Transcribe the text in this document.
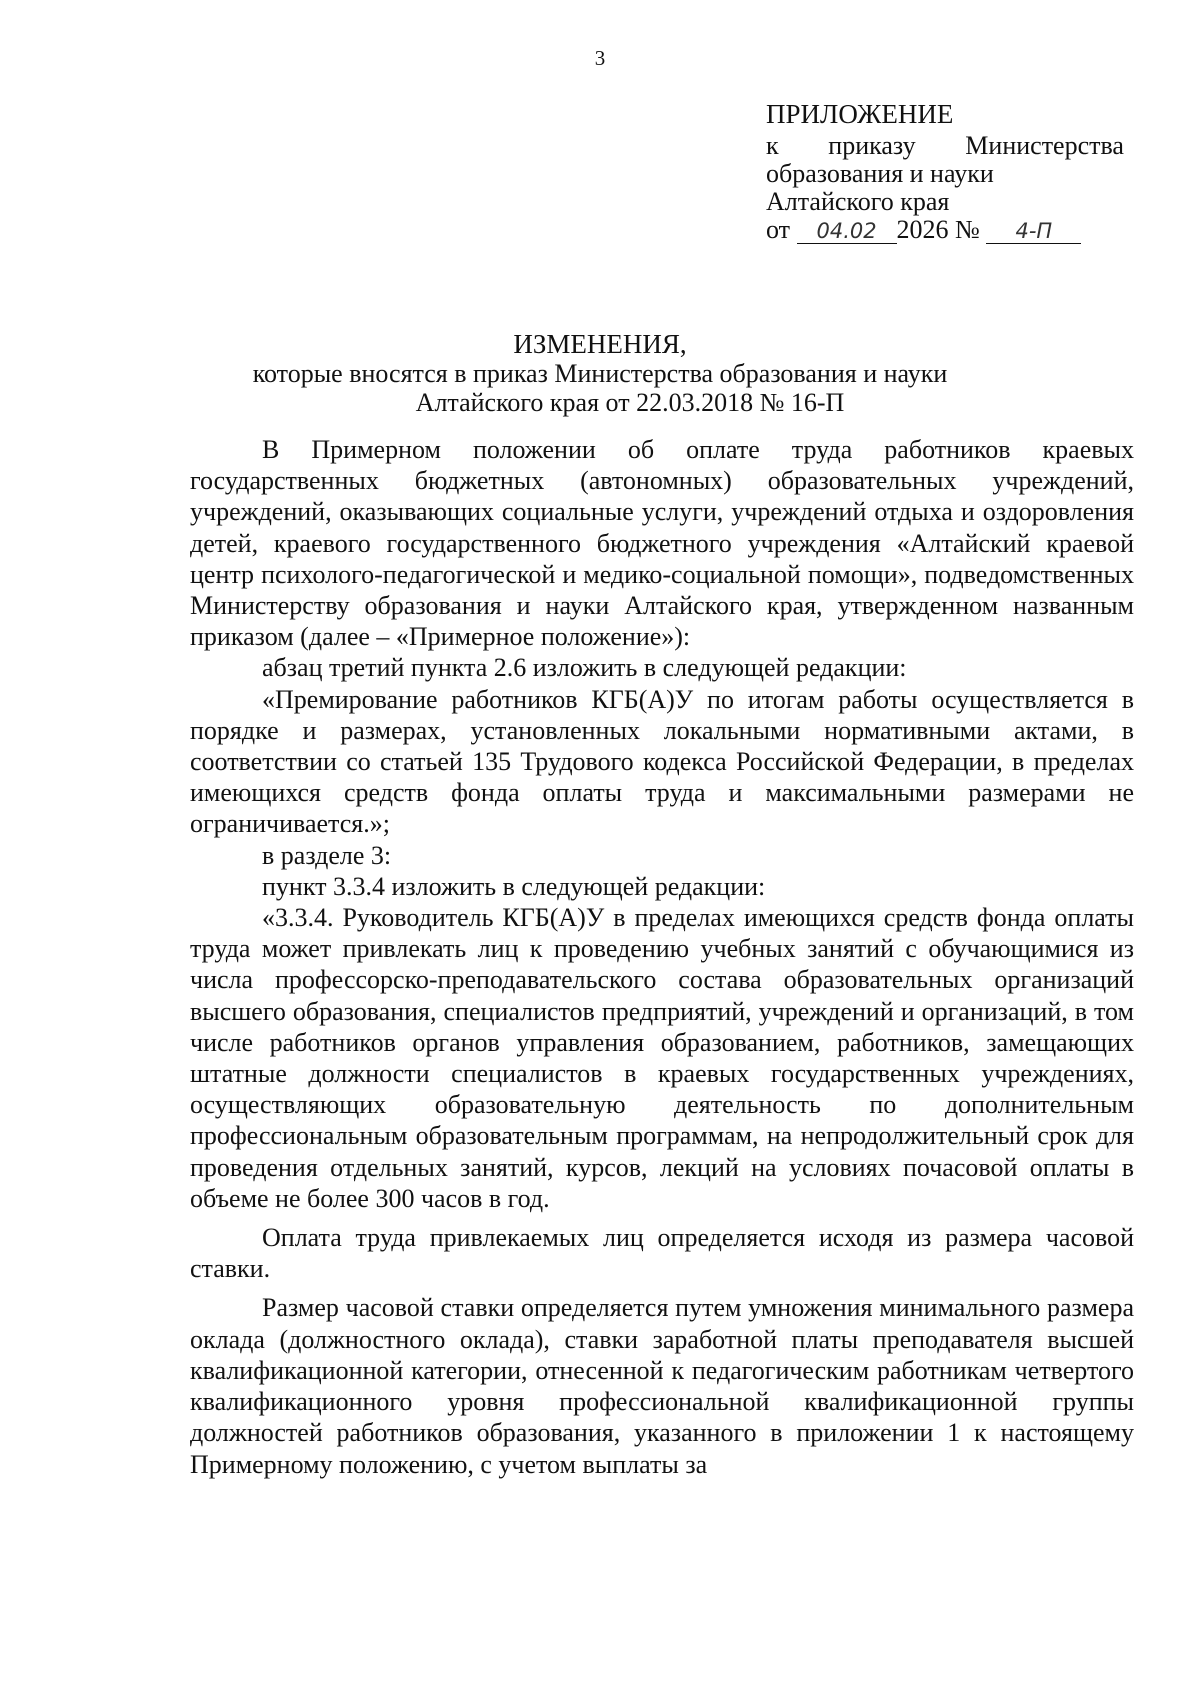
3
ПРИЛОЖЕНИЕ
к приказу Министерства
образования и науки
Алтайского края
от 04.02 2026 № 4-П
ИЗМЕНЕНИЯ,
которые вносятся в приказ Министерства образования и науки
Алтайского края от 22.03.2018 № 16-П

В Примерном положении об оплате труда работников краевых государственных бюджетных (автономных) образовательных учреждений, учреждений, оказывающих социальные услуги, учреждений отдыха и оздоровления детей, краевого государственного бюджетного учреждения «Алтайский краевой центр психолого-педагогической и медико-социальной помощи», подведомственных Министерству образования и науки Алтайского края, утвержденном названным приказом (далее – «Примерное положение»):

абзац третий пункта 2.6 изложить в следующей редакции:

«Премирование работников КГБ(А)У по итогам работы осуществляется в порядке и размерах, установленных локальными нормативными актами, в соответствии со статьей 135 Трудового кодекса Российской Федерации, в пределах имеющихся средств фонда оплаты труда и максимальными размерами не ограничивается.»;

в разделе 3:

пункт 3.3.4 изложить в следующей редакции:

«3.3.4. Руководитель КГБ(А)У в пределах имеющихся средств фонда оплаты труда может привлекать лиц к проведению учебных занятий с обучающимися из числа профессорско-преподавательского состава образовательных организаций высшего образования, специалистов предприятий, учреждений и организаций, в том числе работников органов управления образованием, работников, замещающих штатные должности специалистов в краевых государственных учреждениях, осуществляющих образовательную деятельность по дополнительным профессиональным образовательным программам, на непродолжительный срок для проведения отдельных занятий, курсов, лекций на условиях почасовой оплаты в объеме не более 300 часов в год.

Оплата труда привлекаемых лиц определяется исходя из размера часовой ставки.

Размер часовой ставки определяется путем умножения минимального размера оклада (должностного оклада), ставки заработной платы преподавателя высшей квалификационной категории, отнесенной к педагогическим работникам четвертого квалификационного уровня профессиональной квалификационной группы должностей работников образования, указанного в приложении 1 к настоящему Примерному положению, с учетом выплаты за
